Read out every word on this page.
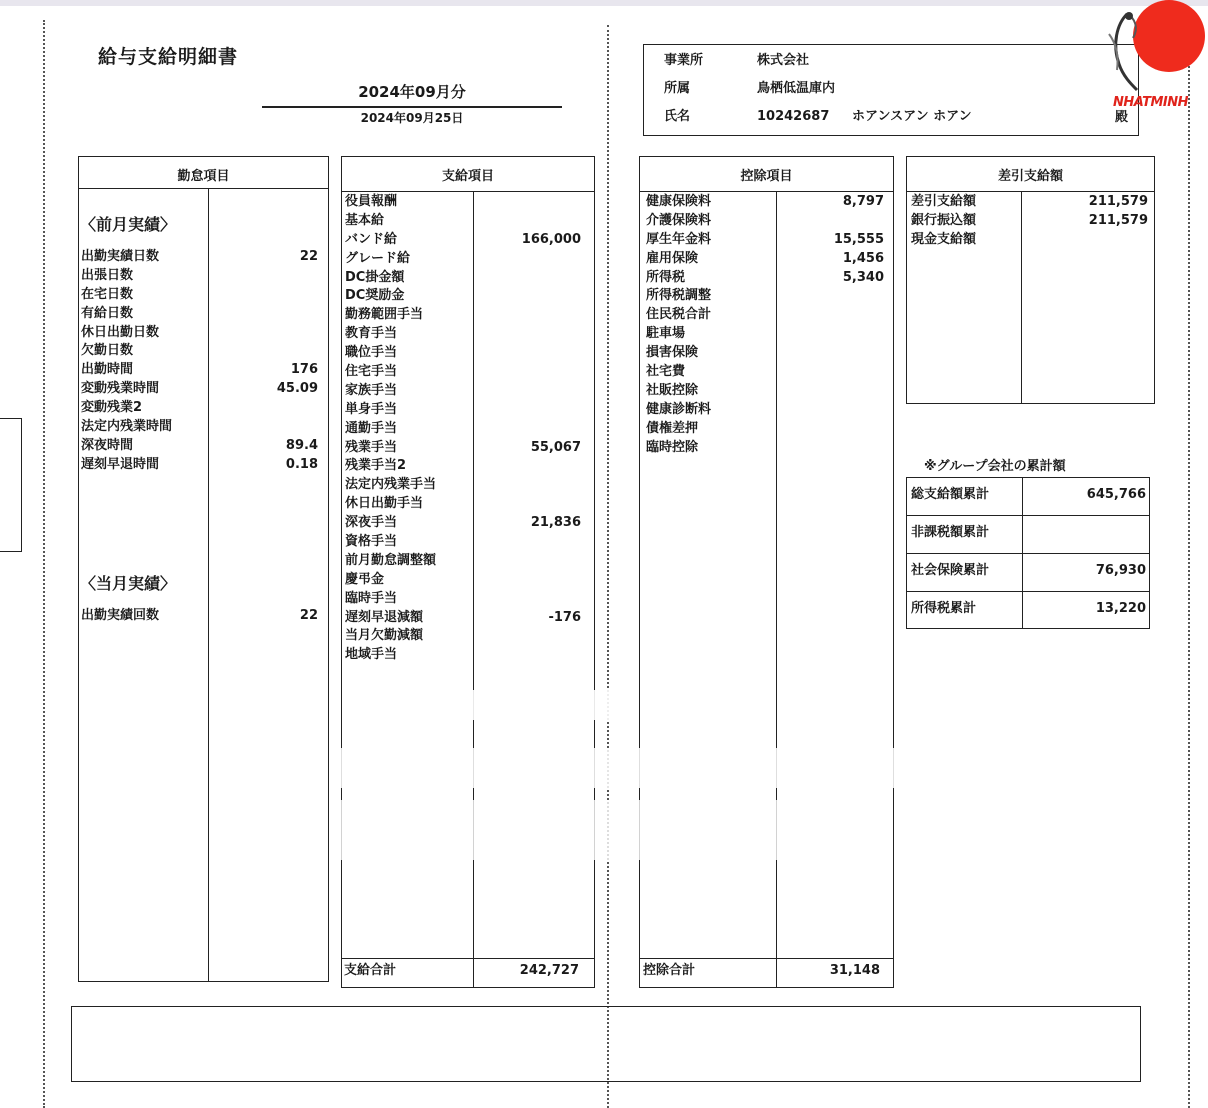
給与支給明細書
2024年09月分
2024年09月25日
事業所	株式会社
所属	鳥栖低温庫内
氏名	10242687 ホアンスアン ホアン	殿
NHATMINH
勤怠項目
〈前月実績〉
出勤実績日数	22
出張日数
在宅日数
有給日数
休日出勤日数
欠勤日数
出勤時間	176
変動残業時間	45.09
変動残業2
法定内残業時間
深夜時間	89.4
遅刻早退時間	0.18
〈当月実績〉
出勤実績回数	22
支給項目
役員報酬
基本給
バンド給	166,000
グレード給
DC掛金額
DC奨励金
勤務範囲手当
教育手当
職位手当
住宅手当
家族手当
単身手当
通勤手当
残業手当	55,067
残業手当2
法定内残業手当
休日出勤手当
深夜手当	21,836
資格手当
前月勤怠調整額
慶弔金
臨時手当
遅刻早退減額	-176
当月欠勤減額
地域手当
支給合計	242,727
控除項目
健康保険料	8,797
介護保険料
厚生年金料	15,555
雇用保険	1,456
所得税	5,340
所得税調整
住民税合計
駐車場
損害保険
社宅費
社販控除
健康診断料
債権差押
臨時控除
控除合計	31,148
差引支給額
差引支給額	211,579
銀行振込額	211,579
現金支給額
※グループ会社の累計額
総支給額累計	645,766
非課税額累計
社会保険累計	76,930
所得税累計	13,220
